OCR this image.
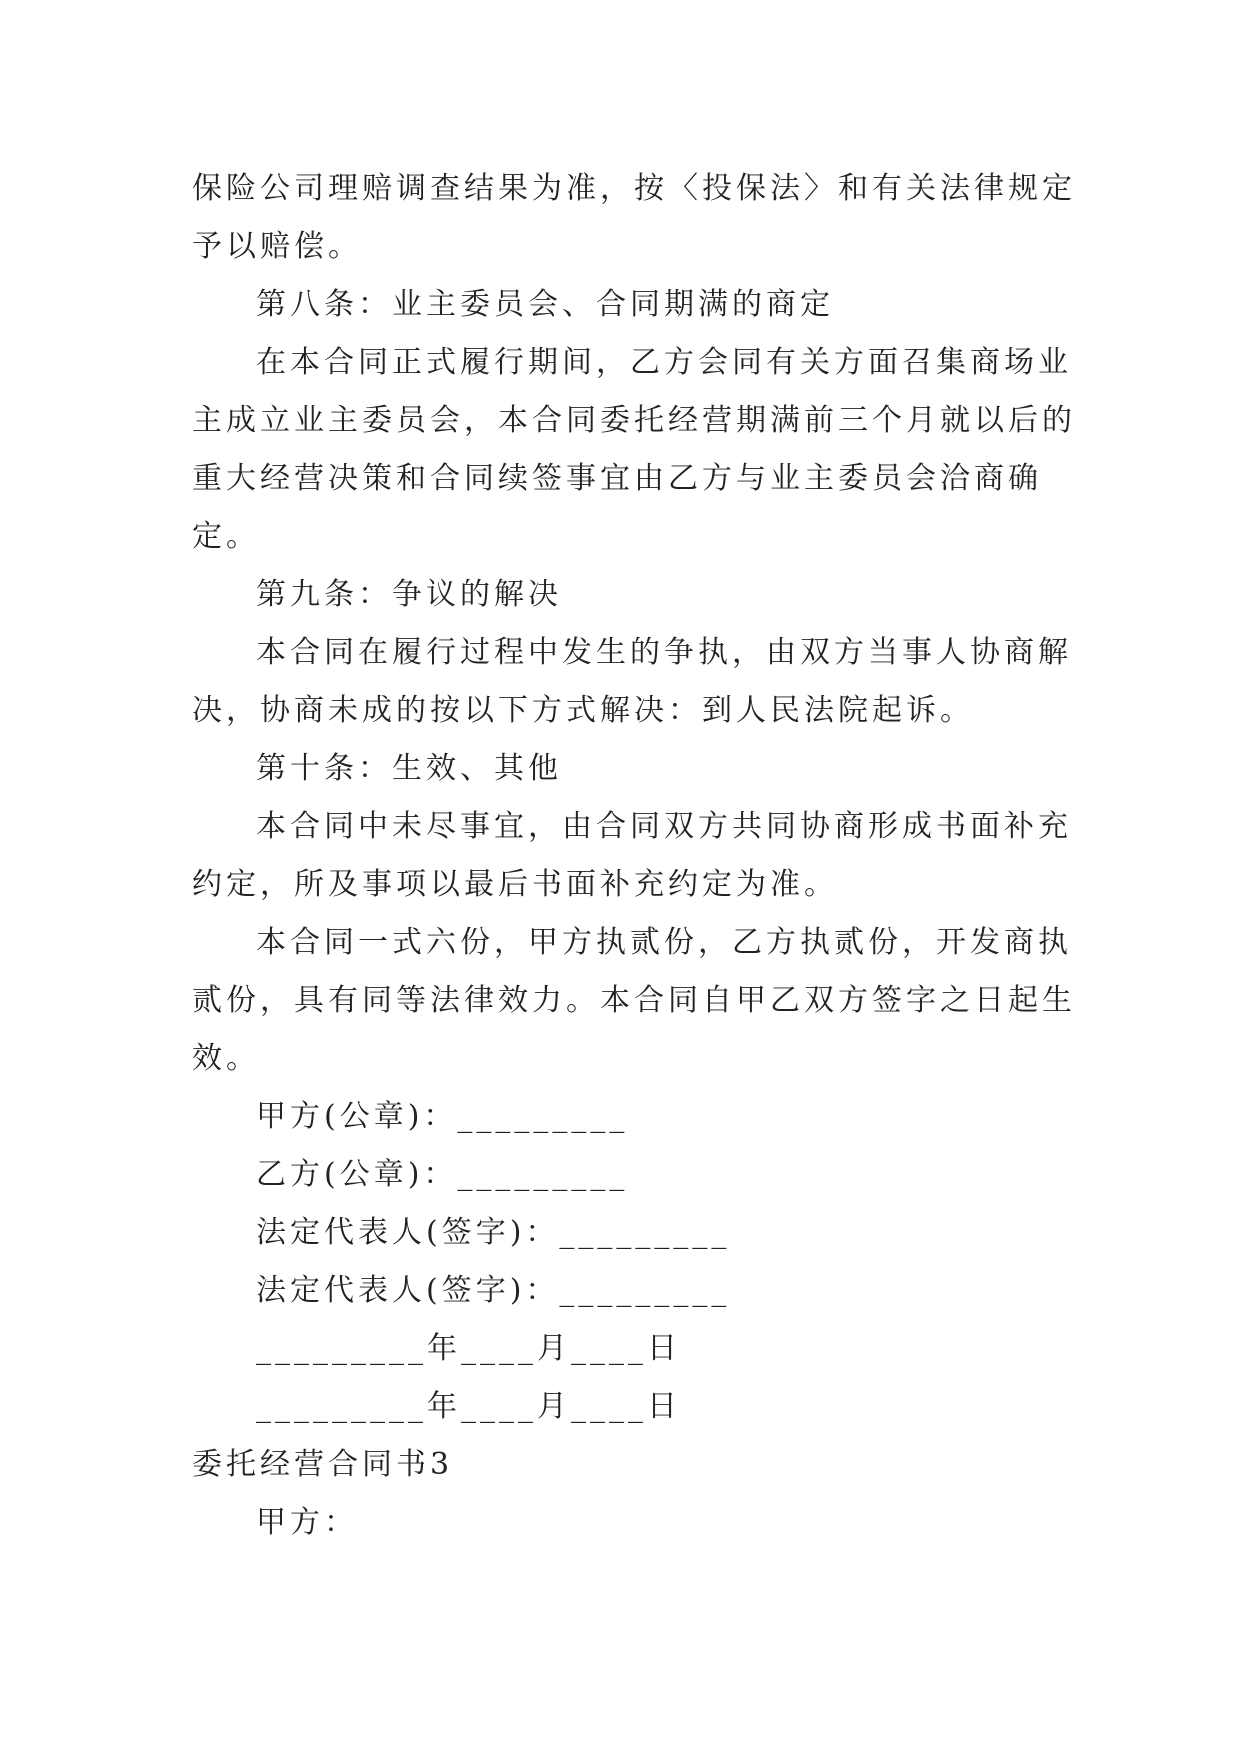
保险公司理赔调查结果为准，按〈投保法〉和有关法律规定
予以赔偿。
第八条：业主委员会、合同期满的商定
在本合同正式履行期间，乙方会同有关方面召集商场业
主成立业主委员会，本合同委托经营期满前三个月就以后的
重大经营决策和合同续签事宜由乙方与业主委员会洽商确
定。
第九条：争议的解决
本合同在履行过程中发生的争执，由双方当事人协商解
决，协商未成的按以下方式解决：到人民法院起诉。
第十条：生效、其他
本合同中未尽事宜，由合同双方共同协商形成书面补充
约定，所及事项以最后书面补充约定为准。
本合同一式六份，甲方执贰份，乙方执贰份，开发商执
贰份，具有同等法律效力。本合同自甲乙双方签字之日起生
效。
甲方(公章)：_________
乙方(公章)：_________
法定代表人(签字)：_________
法定代表人(签字)：_________
_________年____月____日
_________年____月____日
委托经营合同书3
甲方：
